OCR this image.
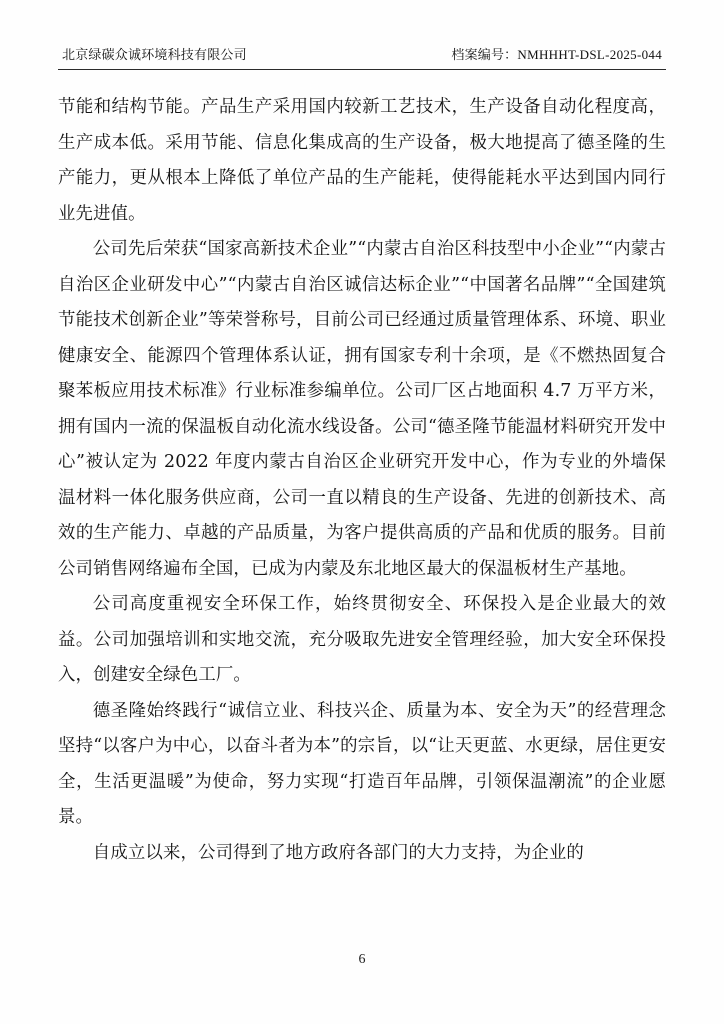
北京绿碳众诚环境科技有限公司	档案编号：NMHHHT-DSL-2025-044

节能和结构节能。产品生产采用国内较新工艺技术，生产设备自动化程度高，生产成本低。采用节能、信息化集成高的生产设备，极大地提高了德圣隆的生产能力，更从根本上降低了单位产品的生产能耗，使得能耗水平达到国内同行业先进值。

公司先后荣获“国家高新技术企业”“内蒙古自治区科技型中小企业”“内蒙古自治区企业研发中心”“内蒙古自治区诚信达标企业”“中国著名品牌”“全国建筑节能技术创新企业”等荣誉称号，目前公司已经通过质量管理体系、环境、职业健康安全、能源四个管理体系认证，拥有国家专利十余项，是《不燃热固复合聚苯板应用技术标准》行业标准参编单位。公司厂区占地面积 4.7 万平方米，拥有国内一流的保温板自动化流水线设备。公司“德圣隆节能温材料研究开发中心”被认定为 2022 年度内蒙古自治区企业研究开发中心，作为专业的外墙保温材料一体化服务供应商，公司一直以精良的生产设备、先进的创新技术、高效的生产能力、卓越的产品质量，为客户提供高质的产品和优质的服务。目前公司销售网络遍布全国，已成为内蒙及东北地区最大的保温板材生产基地。

公司高度重视安全环保工作，始终贯彻安全、环保投入是企业最大的效益。公司加强培训和实地交流，充分吸取先进安全管理经验，加大安全环保投入，创建安全绿色工厂。

德圣隆始终践行“诚信立业、科技兴企、质量为本、安全为天”的经营理念坚持“以客户为中心，以奋斗者为本”的宗旨，以“让天更蓝、水更绿，居住更安全，生活更温暖”为使命，努力实现“打造百年品牌，引领保温潮流”的企业愿景。

自成立以来，公司得到了地方政府各部门的大力支持，为企业的

6
